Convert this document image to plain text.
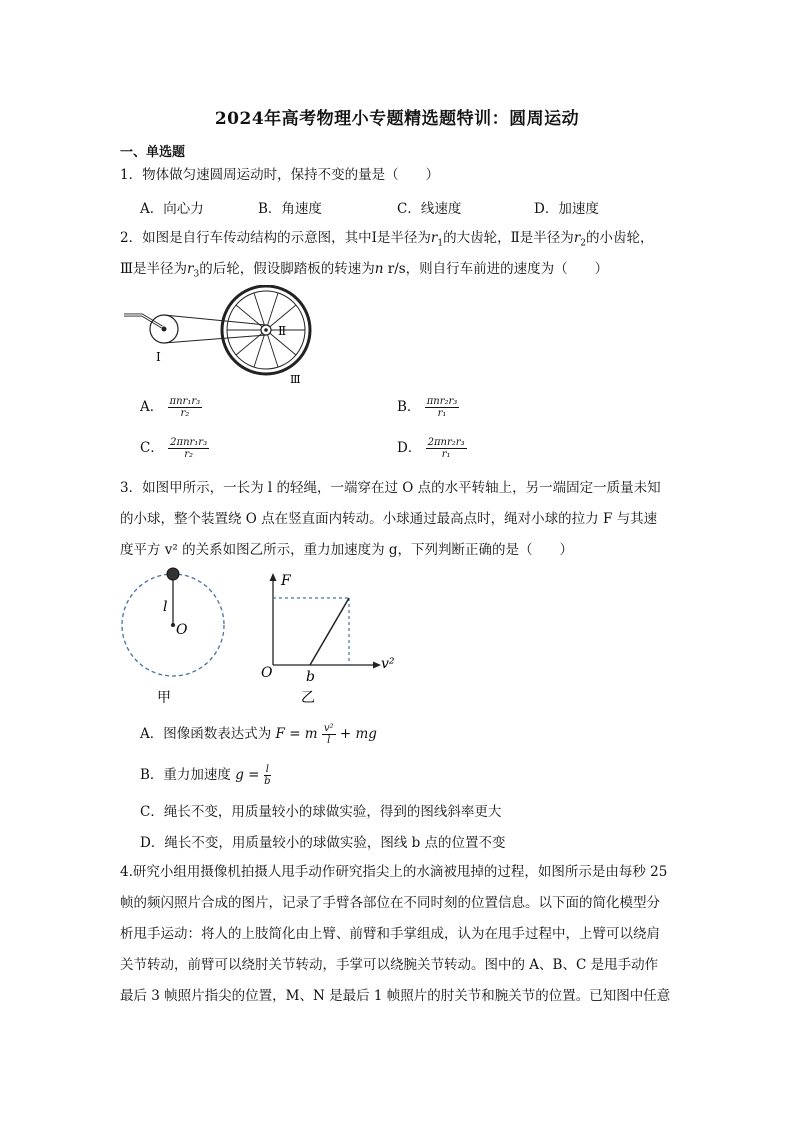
2024年高考物理小专题精选题特训：圆周运动
一、单选题
1．物体做匀速圆周运动时，保持不变的量是（　　）
A．向心力	B．角速度	C．线速度	D．加速度
2．如图是自行车传动结构的示意图，其中Ⅰ是半径为$r_1$的大齿轮，Ⅱ是半径为$r_2$的小齿轮，
Ⅲ是半径为$r_3$的后轮，假设脚踏板的转速为n r/s，则自行车前进的速度为（　　）
Ⅰ
Ⅱ
Ⅲ
A． $\frac{\text{πnr₁r₃}}{\text{r₂}}$	B． $\frac{\text{πnr₂r₃}}{\text{r₁}}$
C． $\frac{\text{2πnr₁r₃}}{\text{r₂}}$	D． $\frac{\text{2πnr₂r₃}}{\text{r₁}}$
3．如图甲所示，一长为 l 的轻绳，一端穿在过 O 点的水平转轴上，另一端固定一质量未知
的小球，整个装置绕 O 点在竖直面内转动。小球通过最高点时，绳对小球的拉力 F 与其速
度平方 v² 的关系如图乙所示，重力加速度为 g，下列判断正确的是（　　）
l
O
甲
F
O b
v²
乙
A．图像函数表达式为 F = m $\frac{\text{v²}}{l}$ + mg
B．重力加速度 $g = \frac{l}{b}$
C．绳长不变，用质量较小的球做实验，得到的图线斜率更大
D．绳长不变，用质量较小的球做实验，图线 b 点的位置不变
4.研究小组用摄像机拍摄人甩手动作研究指尖上的水滴被甩掉的过程，如图所示是由每秒 25
帧的频闪照片合成的图片，记录了手臂各部位在不同时刻的位置信息。以下面的简化模型分
析甩手运动：将人的上肢简化由上臂、前臂和手掌组成，认为在甩手过程中，上臂可以绕肩
关节转动，前臂可以绕肘关节转动，手掌可以绕腕关节转动。图中的 A、B、C 是甩手动作
最后 3 帧照片指尖的位置，M、N 是最后 1 帧照片的肘关节和腕关节的位置。已知图中任意
